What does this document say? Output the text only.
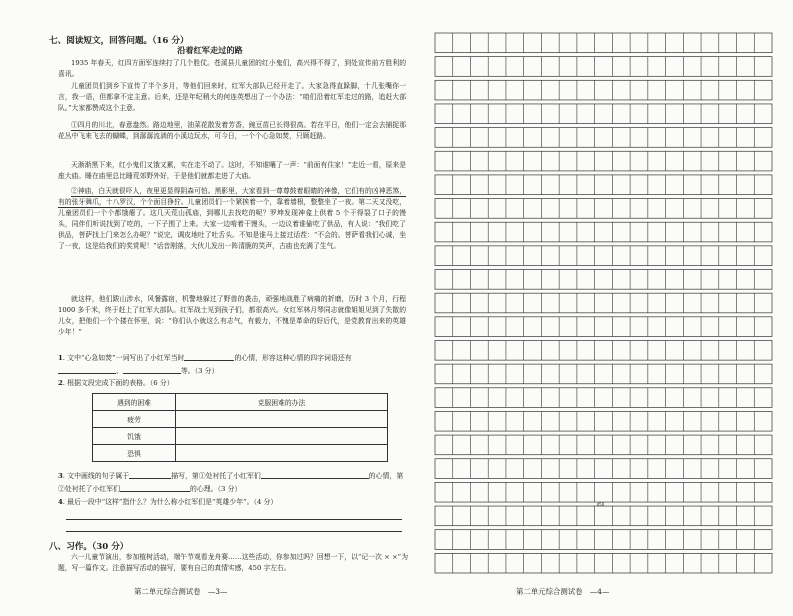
七、阅读短文，回答问题。（16 分）
沿着红军走过的路

1935 年春天，红四方面军连续打了几个胜仗。苍溪县儿童团的红小鬼们，高兴得不得了，到处宣传前方胜利的喜讯。

儿童团员们到乡下宣传了半个多月，等他们回来时，红军大部队已经开走了。大家急得直跺脚，十几张嘴你一言，我一语，但都拿不定主意。后来，还是年纪稍大的何连英想出了一个办法：“咱们沿着红军走过的路，追赶大部队。”大家都赞成这个主意。

①四月的川北，春意盎然。路边地里，油菜花散发着芳香，豌豆苗已长得很高。若在平日，他们一定会去捕捉那花丛中飞来飞去的蝴蝶，到潺潺流淌的小溪边玩水，可今日，一个个心急如焚，只顾赶路。

天渐渐黑下来，红小鬼们又饿又累，实在走不动了。这时，不知谁嚷了一声：“前面有住家！”走近一看，原来是座大庙。睡在庙里总比睡荒郊野外好，于是他们就都走进了大庙。

②神庙，白天就很吓人，夜里更显得阴森可怕。黑影里，大家看到一尊尊鼓着眼睛的神像，它们有的凶神恶煞，有的张牙舞爪，十八罗汉，个个面目狰狞。儿童团员们一个紧挨着一个，靠着墙根，整整坐了一夜。第二天又没吃，儿童团员们一个个都饿瘪了。这几天荒山孤庙，到哪儿去找吃的呢？罗坤发现神龛上供着 5 个干得裂了口子的馒头，同伴们听说找到了吃的，一下子围了上来。大家一边啃着干馒头，一边议着谁偷吃了供品，有人说：“我们吃了供品，菩萨找上门来怎么办呢？”说完，调皮地吐了吐舌头。不知是谁马上接过话茬：“不会的。菩萨看我们心诚，坐了一夜，这是给我们的奖赏呢！”话音刚落，大伙儿发出一阵清脆的笑声，古庙也充满了生气。

就这样，他们跋山涉水，风餐露宿，机警地躲过了野兽的袭击，顽强地战胜了病痛的折磨，历时 3 个月，行程 1000 多千米，终于赶上了红军大部队。红军战士见到孩子们，都很高兴。女红军林月琴同志就像姐姐见到了失散的儿女，把他们一个个搂在怀里，说：“你们认小就这么有志气，有毅力，不愧是革命的好后代，是党教育出来的英雄少年！”

1. 文中“心急如焚”一词写出了小红军当时	的心情，形容这种心情的四字词语还有、	等。（3 分）

2. 根据文段完成下面的表格。（6 分）

遇到的困难	克服困难的办法
疲劳	
饥饿	
恐惧	

3. 文中画线的句子属于	描写，第①处衬托了小红军们	的心情，第②处衬托了小红军们	的心理。（3 分）

4. 最后一段中“这样”指什么？为什么称小红军们是“英雄少年”。（4 分）

八、习作。（30 分）

六一儿童节演出，参加植树活动，端午节观看龙舟赛……这些活动，你参加过吗？回想一下，以“记一次 × ×”为题，写一篇作文。注意描写活动的描写，要有自己的真情实感，450 字左右。

第二单元综合测试卷　—3—
450
第二单元综合测试卷　—4—
